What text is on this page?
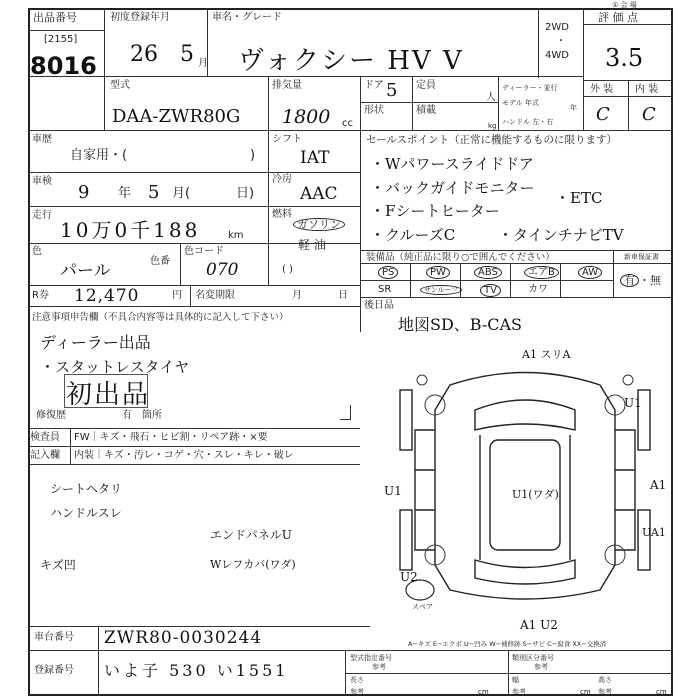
出品番号
[2155]
8016
初度登録年月
26 5 月
車名・グレード
ヴォクシー HV V
2WD
・
4WD
① 会 場
評 価 点
3.5
型式
DAA-ZWR80G
排気量
1800 cc
ドア 5 定員
人
形状	積載
kg
ディーラー・並行
モデル 年式
年
ハンドル 左・右
外 装 内 装
C C
車歴
自家用・(	)
シフト
IAT
冷房
AAC
燃料
ガソリン
軽 油
( )
車検
9 年 5 月(	日)
走行
10万0千188	km
色
パール	色番
色コード
070
R券 12,470	円 名変期限	月	日
セールスポイント（正常に機能するものに限ります）
・Wパワースライドドア
・バックガイドモニター
・ETC
・Fシートヒーター
・クルーズC	・タインチナビTV
装備品（純正品に限り○で囲んでください）	新車保証書
PS	PW	ABS	エアB	AW
SR	サンルーフ	TV	カワ
有 ・無
後日品
地図SD、B-CAS
注意事項申告欄（不具合内容等は具体的に記入して下さい）
ディーラー出品
・スタットレスタイヤ
初出品
修復歴	有 箇所
検査員
記入欄
FW｜キズ・飛石・ヒビ割・リペア跡・×要
内装｜キズ・汚レ・コゲ・穴・スレ・キレ・破レ
シートヘタリ
ハンドルスレ
エンドパネルU
キズ凹	Wレフカバ(ワダ)
スペア
A1 スリA
U1
U1	A1
U1(ワダ)
UA1
U2
A1 U2
A−キズ E−エクボ U−凹み W−補修跡 S−サビ C−腐食 XX−交換済
車台番号 ZWR80-0030244
登録番号 いよ子 530 い1551
型式指定番号	類別区分番号
参考	参考
長さ
参考	cm
幅
参考	cm
高さ
参考	cm
